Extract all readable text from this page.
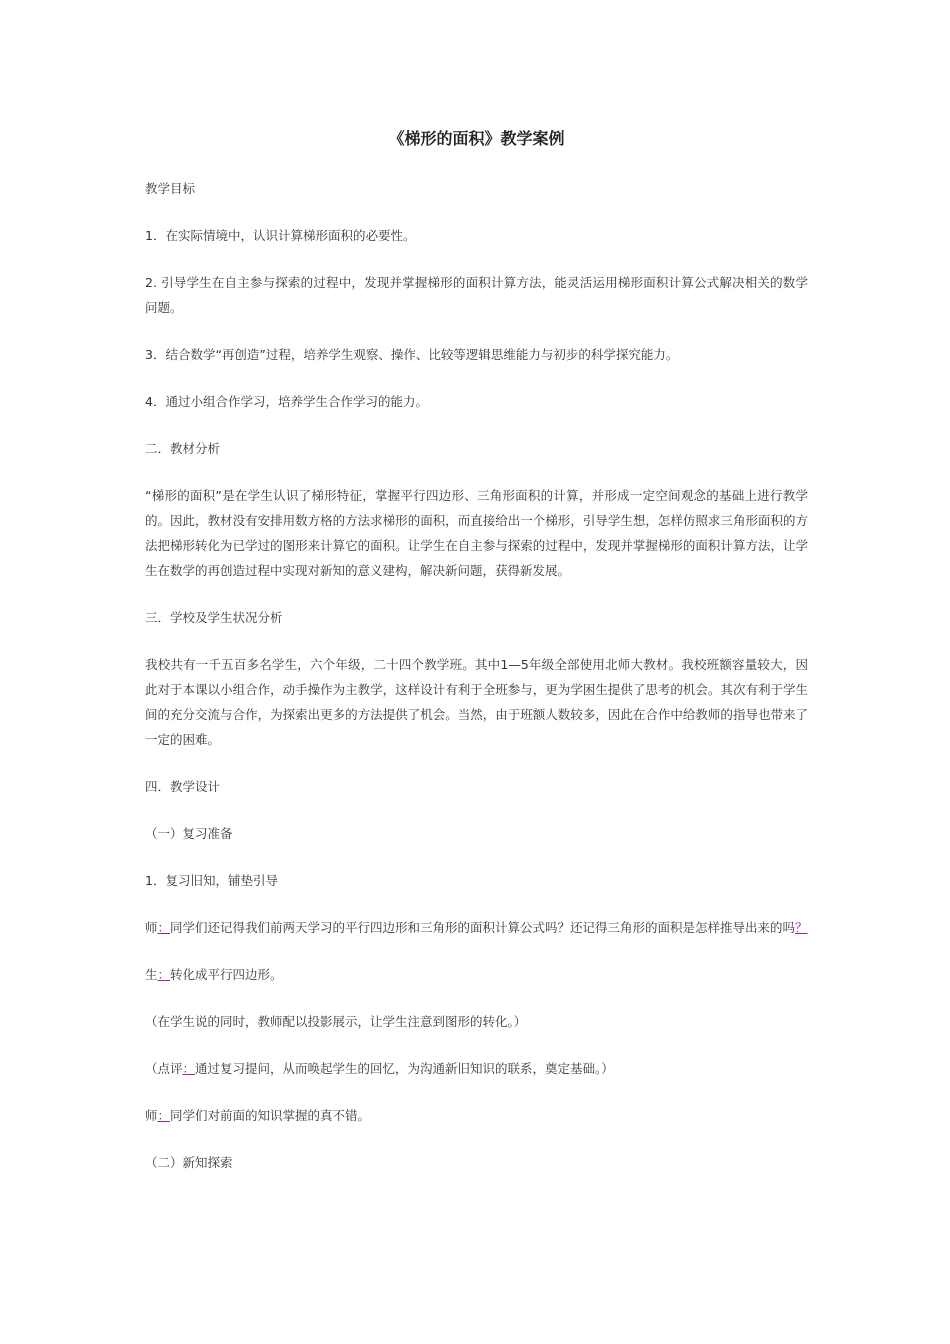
《梯形的面积》教学案例
教学目标
1．在实际情境中，认识计算梯形面积的必要性。
2. 引导学生在自主参与探索的过程中，发现并掌握梯形的面积计算方法，能灵活运用梯形面积计算公式解决相关的数学问题。
3．结合数学“再创造”过程，培养学生观察、操作、比较等逻辑思维能力与初步的科学探究能力。
4．通过小组合作学习，培养学生合作学习的能力。
二．教材分析
“梯形的面积”是在学生认识了梯形特征，掌握平行四边形、三角形面积的计算，并形成一定空间观念的基础上进行教学的。因此，教材没有安排用数方格的方法求梯形的面积，而直接给出一个梯形，引导学生想，怎样仿照求三角形面积的方法把梯形转化为已学过的图形来计算它的面积。让学生在自主参与探索的过程中，发现并掌握梯形的面积计算方法，让学生在数学的再创造过程中实现对新知的意义建构，解决新问题，获得新发展。
三．学校及学生状况分析
我校共有一千五百多名学生，六个年级，二十四个教学班。其中1—5年级全部使用北师大教材。我校班额容量较大，因此对于本课以小组合作，动手操作为主教学，这样设计有利于全班参与，更为学困生提供了思考的机会。其次有利于学生间的充分交流与合作，为探索出更多的方法提供了机会。当然，由于班额人数较多，因此在合作中给教师的指导也带来了一定的困难。
四．教学设计
（一）复习准备
1．复习旧知，铺垫引导
师：同学们还记得我们前两天学习的平行四边形和三角形的面积计算公式吗？还记得三角形的面积是怎样推导出来的吗？
生：转化成平行四边形。
（在学生说的同时，教师配以投影展示，让学生注意到图形的转化。）
（点评：通过复习提问，从而唤起学生的回忆，为沟通新旧知识的联系，奠定基础。）
师：同学们对前面的知识掌握的真不错。
（二）新知探索
